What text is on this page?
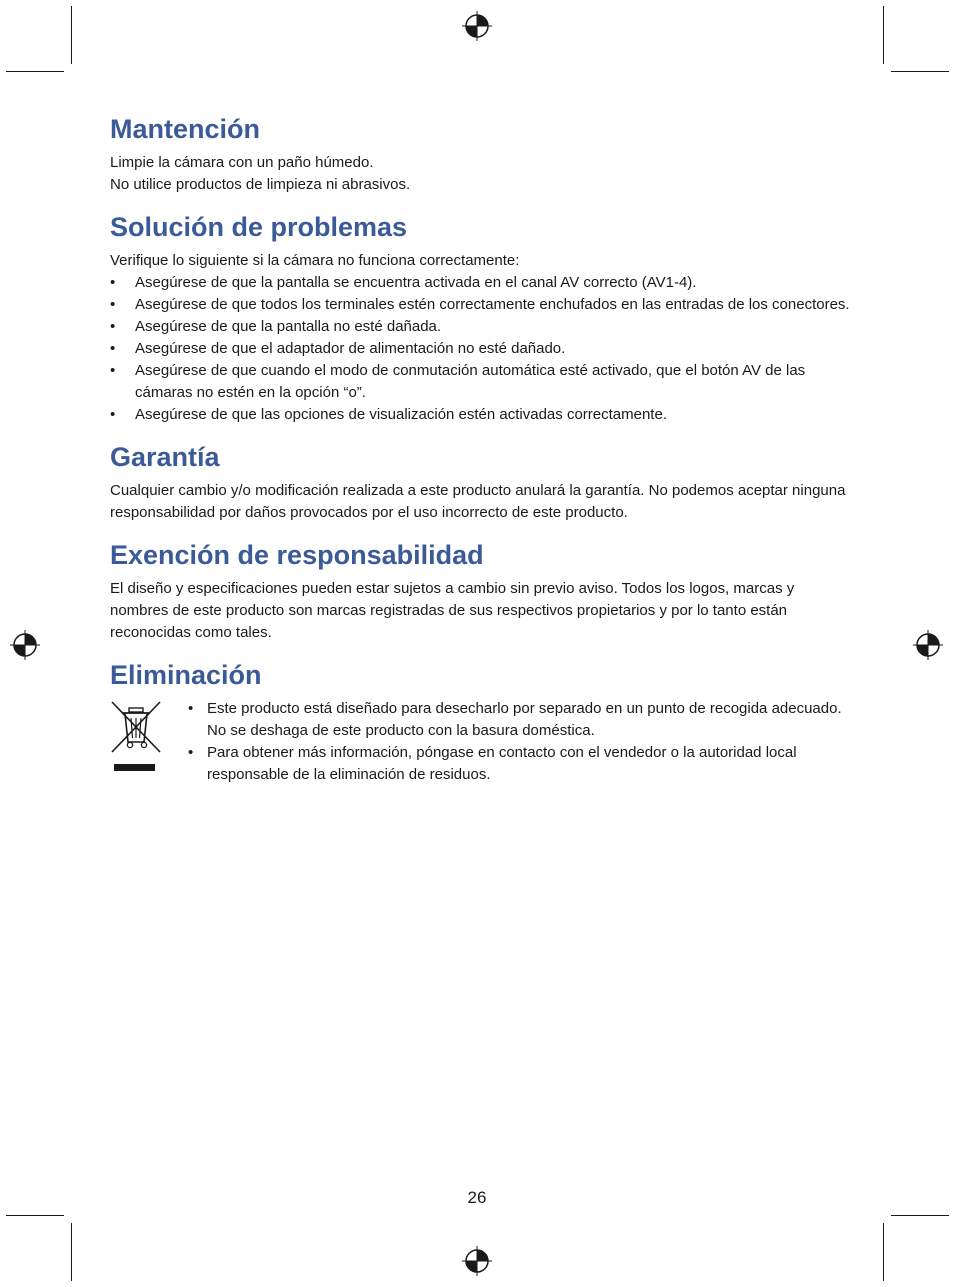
Mantención

Limpie la cámara con un paño húmedo.

No utilice productos de limpieza ni abrasivos.

Solución de problemas

Verifique lo siguiente si la cámara no funciona correctamente:

• Asegúrese de que la pantalla se encuentra activada en el canal AV correcto (AV1-4).
• Asegúrese de que todos los terminales estén correctamente enchufados en las entradas de los conectores.
• Asegúrese de que la pantalla no esté dañada.
• Asegúrese de que el adaptador de alimentación no esté dañado.
• Asegúrese de que cuando el modo de conmutación automática esté activado, que el botón AV de las cámaras no estén en la opción “o”.
• Asegúrese de que las opciones de visualización estén activadas correctamente.
Garantía

Cualquier cambio y/o modificación realizada a este producto anulará la garantía. No podemos aceptar ninguna responsabilidad por daños provocados por el uso incorrecto de este producto.

Exención de responsabilidad

El diseño y especificaciones pueden estar sujetos a cambio sin previo aviso. Todos los logos, marcas y nombres de este producto son marcas registradas de sus respectivos propietarios y por lo tanto están reconocidas como tales.

Eliminación
• Este producto está diseñado para desecharlo por separado en un punto de recogida adecuado. No se deshaga de este producto con la basura doméstica.
• Para obtener más información, póngase en contacto con el vendedor o la autoridad local responsable de la eliminación de residuos.
26
